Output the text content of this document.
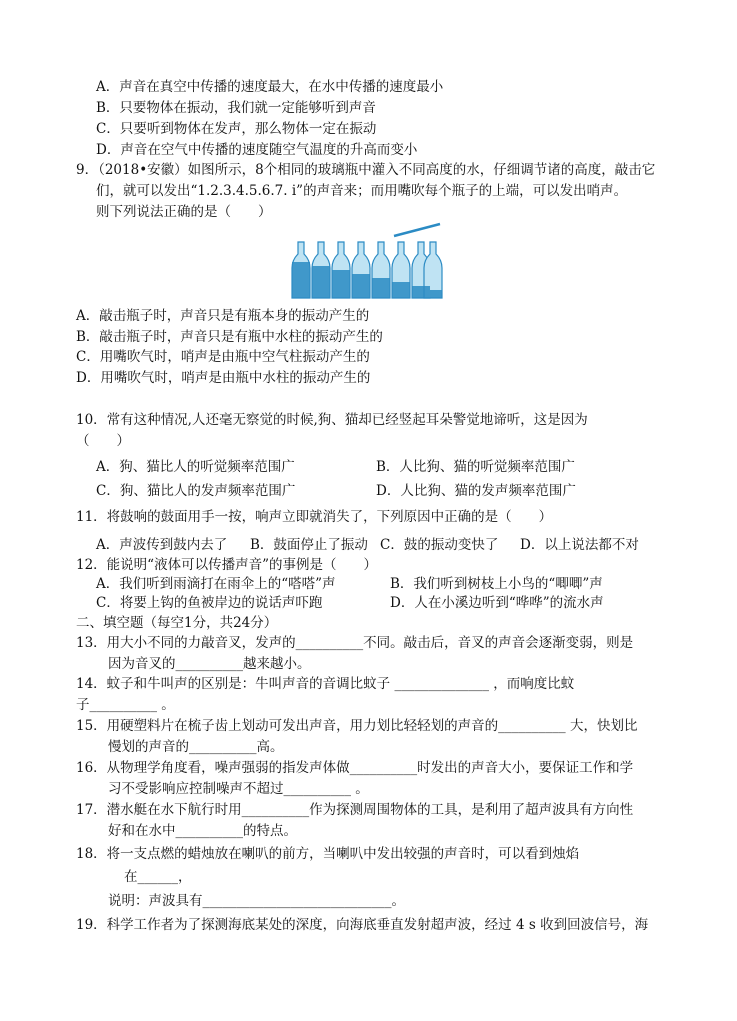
A．声音在真空中传播的速度最大，在水中传播的速度最小
B．只要物体在振动，我们就一定能够听到声音
C．只要听到物体在发声，那么物体一定在振动
D．声音在空气中传播的速度随空气温度的升高而变小
9．（2018•安徽）如图所示，8个相同的玻璃瓶中灌入不同高度的水，仔细调节诸的高度，敲击它
们，就可以发出“1.2.3.4.5.6.7. i”的声音来；而用嘴吹每个瓶子的上端，可以发出哨声。
则下列说法正确的是（　　）
A．敲击瓶子时，声音只是有瓶本身的振动产生的
B．敲击瓶子时，声音只是有瓶中水柱的振动产生的
C．用嘴吹气时，哨声是由瓶中空气柱振动产生的
D．用嘴吹气时，哨声是由瓶中水柱的振动产生的
10．常有这种情况,人还毫无察觉的时候,狗、猫却已经竖起耳朵警觉地谛听，这是因为
（　　）
A．狗、猫比人的听觉频率范围广	B．人比狗、猫的听觉频率范围广
C．狗、猫比人的发声频率范围广	D．人比狗、猫的发声频率范围广
11．将鼓响的鼓面用手一按，响声立即就消失了，下列原因中正确的是（　　）
A．声波传到鼓内去了 B．鼓面停止了振动 C．鼓的振动变快了 D．以上说法都不对
12．能说明“液体可以传播声音”的事例是（　　）
A．我们听到雨滴打在雨伞上的“嗒嗒”声	B．我们听到树枝上小鸟的“唧唧”声
C．将要上钩的鱼被岸边的说话声吓跑	D．人在小溪边听到“哗哗”的流水声
二、填空题（每空1分，共24分）
13．用大小不同的力敲音叉，发声的__________不同。敲击后，音叉的声音会逐渐变弱，则是
因为音叉的__________越来越小。
14．蚊子和牛叫声的区别是：牛叫声音的音调比蚊子 ______________ ，而响度比蚊
子__________ 。
15．用硬塑料片在梳子齿上划动可发出声音，用力划比轻轻划的声音的__________ 大，快划比
慢划的声音的__________高。
16．从物理学角度看，噪声强弱的指发声体做__________时发出的声音大小，要保证工作和学
习不受影响应控制噪声不超过__________ 。
17．潜水艇在水下航行时用__________作为探测周围物体的工具，是利用了超声波具有方向性
好和在水中__________的特点。
18．将一支点燃的蜡烛放在喇叭的前方，当喇叭中发出较强的声音时，可以看到烛焰
在______，
说明：声波具有____________________________。
19．科学工作者为了探测海底某处的深度，向海底垂直发射超声波，经过 4 s 收到回波信号，海
